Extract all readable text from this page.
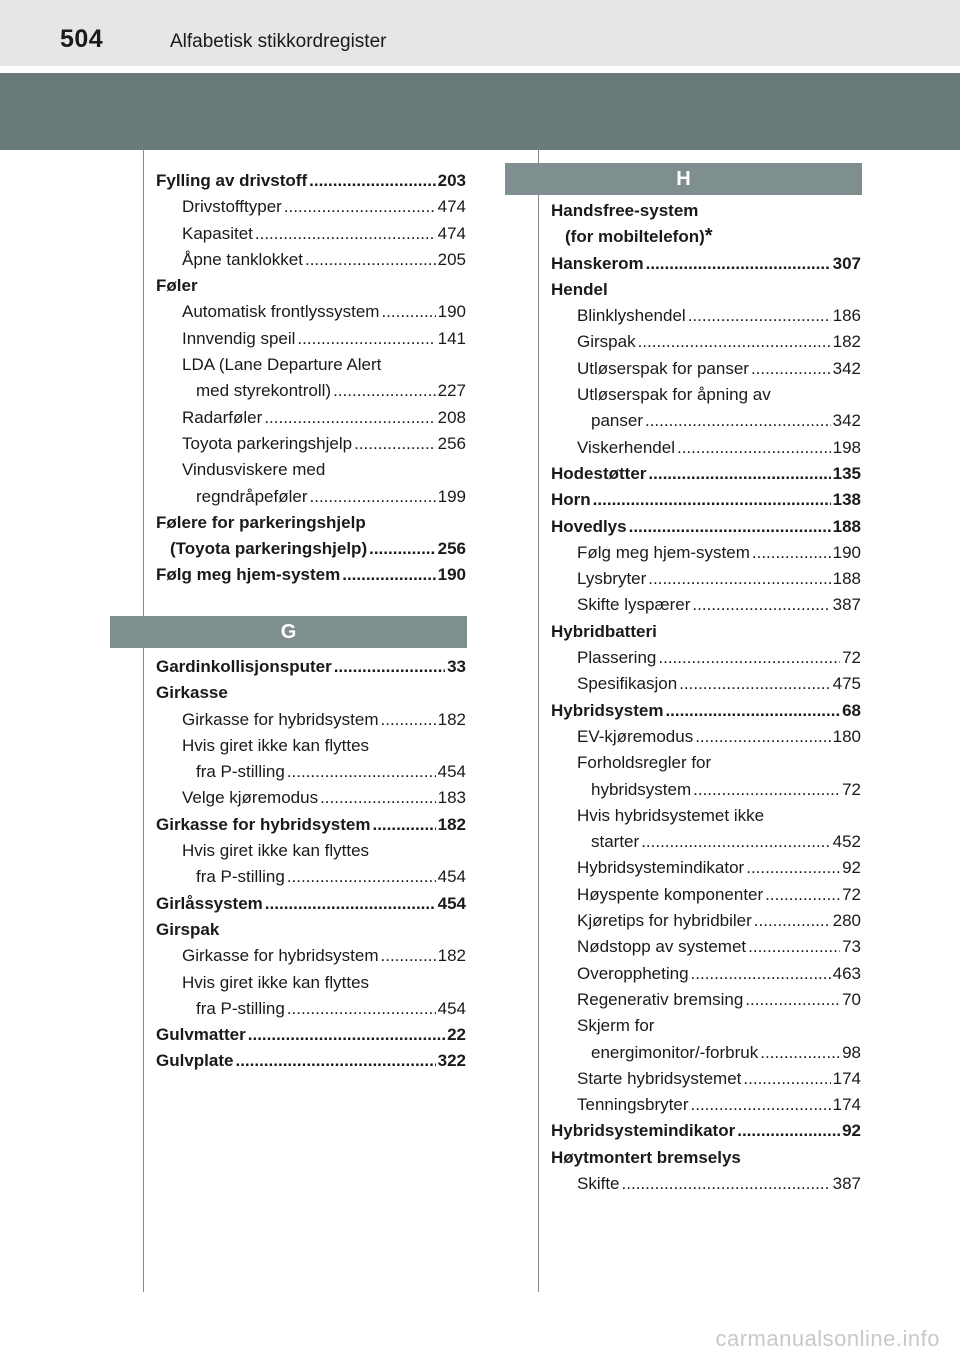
504	Alfabetisk stikkordregister
Fylling av drivstoff .....	203
Drivstofftyper .....	474
Kapasitet .....	474
Åpne tanklokket .....	205
Føler
Automatisk frontlyssystem .....	190
Innvendig speil .....	141
LDA (Lane Departure Alert
med styrekontroll) .....	227
Radarføler .....	208
Toyota parkeringshjelp .....	256
Vindusviskere med
regndråpeføler .....	199
Følere for parkeringshjelp
(Toyota parkeringshjelp) .....	256
Følg meg hjem-system .....	190
G
Gardinkollisjonsputer .....	33
Girkasse
Girkasse for hybridsystem .....	182
Hvis giret ikke kan flyttes
fra P-stilling .....	454
Velge kjøremodus .....	183
Girkasse for hybridsystem .....	182
Hvis giret ikke kan flyttes
fra P-stilling .....	454
Girlåssystem .....	454
Girspak
Girkasse for hybridsystem .....	182
Hvis giret ikke kan flyttes
fra P-stilling .....	454
Gulvmatter .....	22
Gulvplate .....	322
H
Handsfree-system
(for mobiltelefon) *
Hanskerom .....	307
Hendel
Blinklyshendel .....	186
Girspak .....	182
Utløserspak for panser .....	342
Utløserspak for åpning av
panser .....	342
Viskerhendel .....	198
Hodestøtter .....	135
Horn .....	138
Hovedlys .....	188
Følg meg hjem-system .....	190
Lysbryter .....	188
Skifte lyspærer .....	387
Hybridbatteri
Plassering .....	72
Spesifikasjon .....	475
Hybridsystem .....	68
EV-kjøremodus .....	180
Forholdsregler for
hybridsystem .....	72
Hvis hybridsystemet ikke
starter .....	452
Hybridsystemindikator .....	92
Høyspente komponenter .....	72
Kjøretips for hybridbiler .....	280
Nødstopp av systemet .....	73
Overoppheting .....	463
Regenerativ bremsing .....	70
Skjerm for
energimonitor/-forbruk .....	98
Starte hybridsystemet .....	174
Tenningsbryter .....	174
Hybridsystemindikator .....	92
Høytmontert bremselys
Skifte .....	387
carmanualsonline.info
